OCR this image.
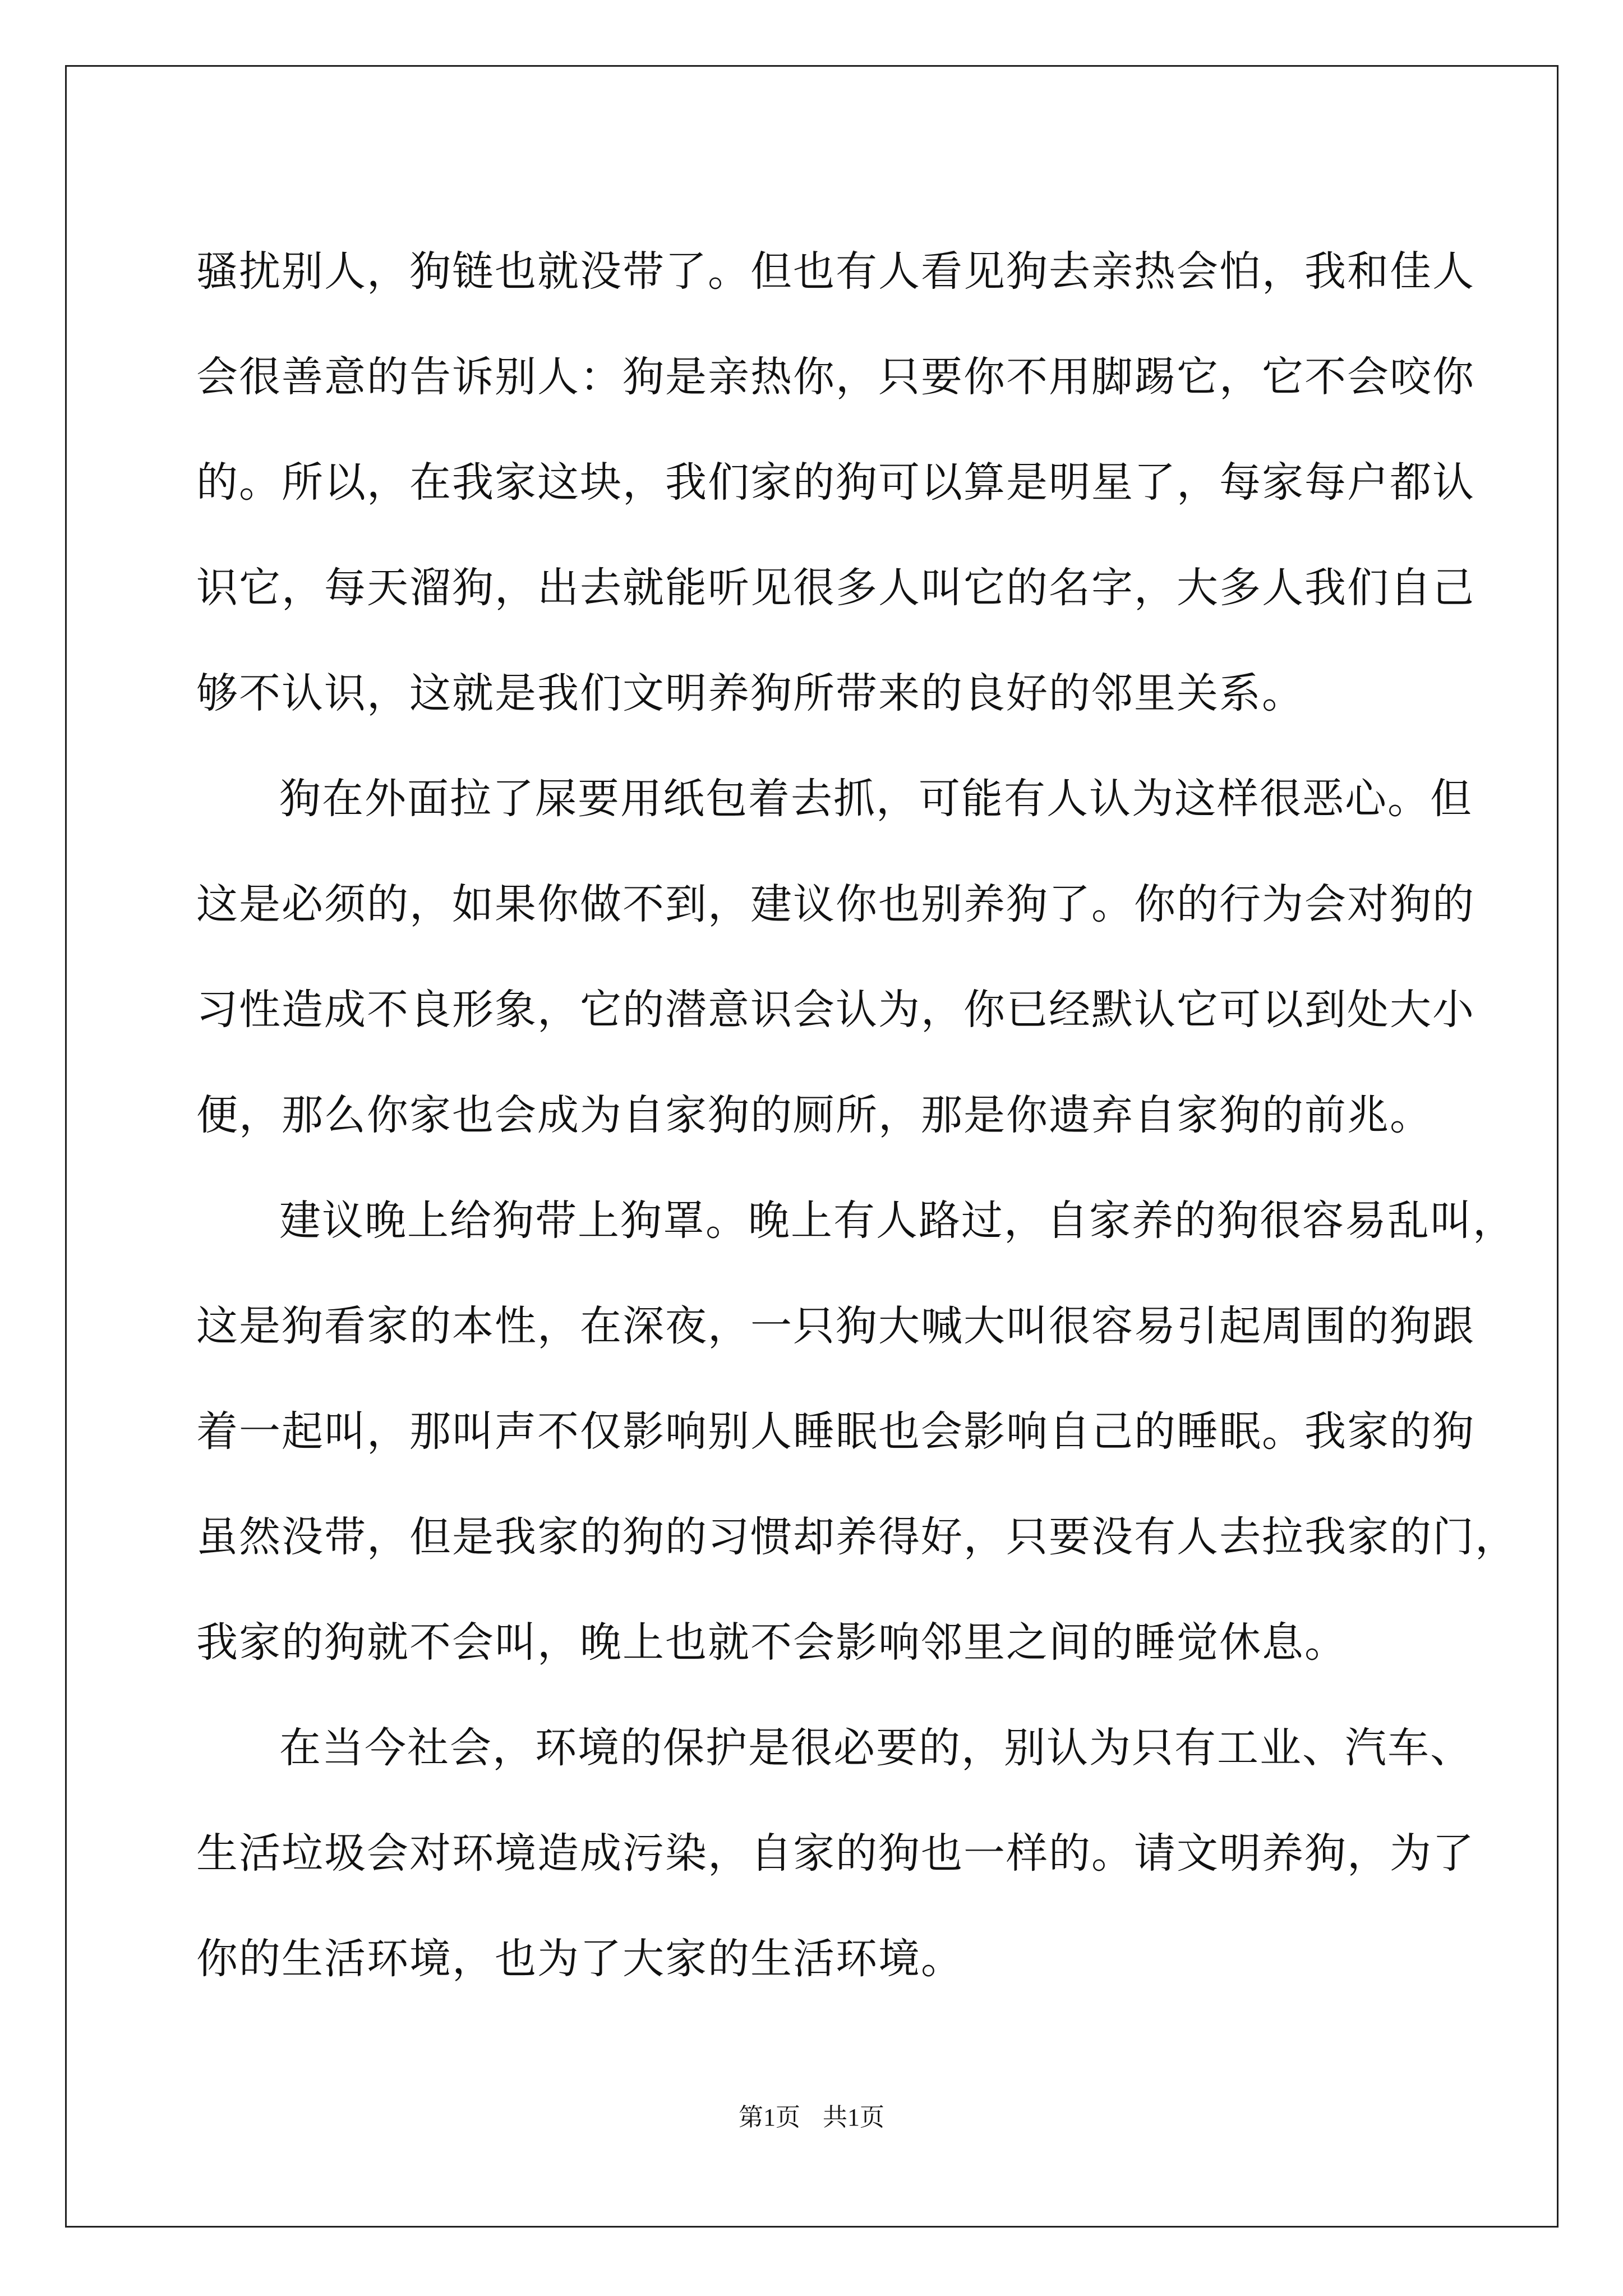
骚扰别人，狗链也就没带了。但也有人看见狗去亲热会怕，我和佳人
会很善意的告诉别人：狗是亲热你，只要你不用脚踢它，它不会咬你
的。所以，在我家这块，我们家的狗可以算是明星了，每家每户都认
识它，每天溜狗，出去就能听见很多人叫它的名字，大多人我们自己
够不认识，这就是我们文明养狗所带来的良好的邻里关系。
狗在外面拉了屎要用纸包着去抓，可能有人认为这样很恶心。但
这是必须的，如果你做不到，建议你也别养狗了。你的行为会对狗的
习性造成不良形象，它的潜意识会认为，你已经默认它可以到处大小
便，那么你家也会成为自家狗的厕所，那是你遗弃自家狗的前兆。
建议晚上给狗带上狗罩。晚上有人路过，自家养的狗很容易乱叫，
这是狗看家的本性，在深夜，一只狗大喊大叫很容易引起周围的狗跟
着一起叫，那叫声不仅影响别人睡眠也会影响自己的睡眠。我家的狗
虽然没带，但是我家的狗的习惯却养得好，只要没有人去拉我家的门，
我家的狗就不会叫，晚上也就不会影响邻里之间的睡觉休息。
在当今社会，环境的保护是很必要的，别认为只有工业、汽车、
生活垃圾会对环境造成污染，自家的狗也一样的。请文明养狗，为了
你的生活环境，也为了大家的生活环境。
第1页 共1页
